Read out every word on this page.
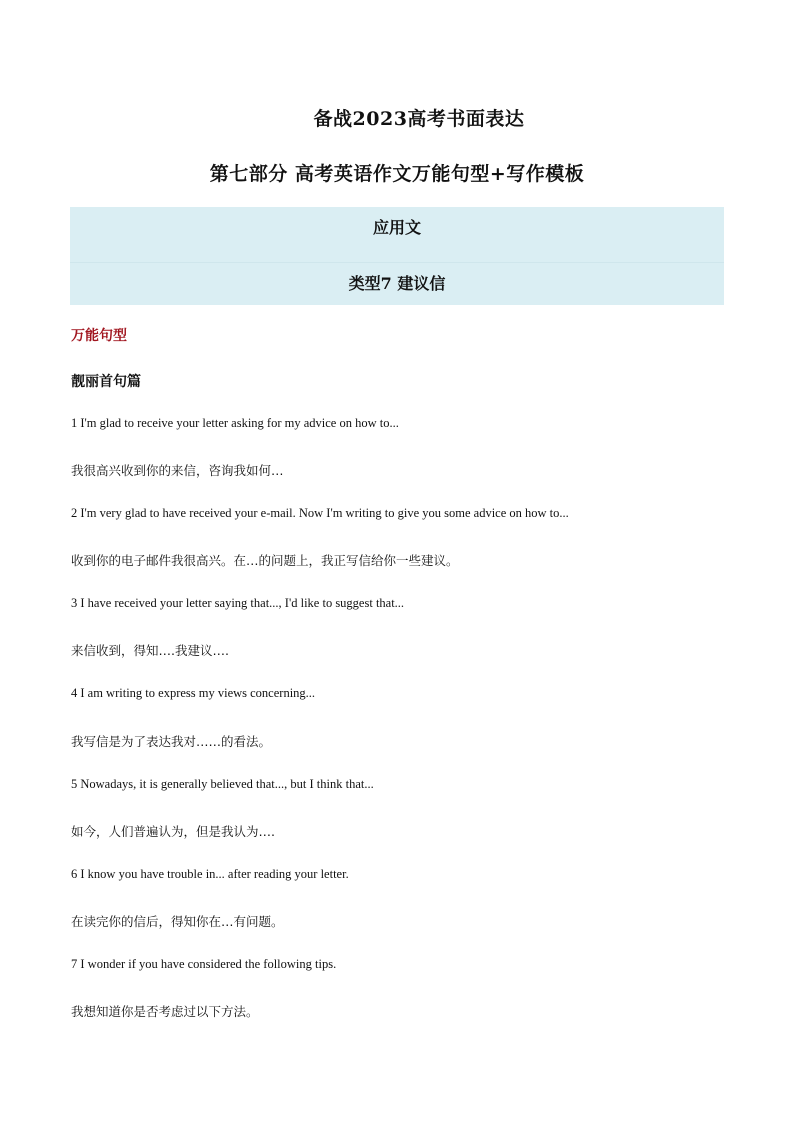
备战2023高考书面表达
第七部分 高考英语作文万能句型+写作模板
应用文
类型7 建议信
万能句型
靓丽首句篇
1 I'm glad to receive your letter asking for my advice on how to...
我很高兴收到你的来信，咨询我如何…
2 I'm very glad to have received your e-mail. Now I'm writing to give you some advice on how to...
收到你的电子邮件我很高兴。在…的问题上，我正写信给你一些建议。
3 I have received your letter saying that..., I'd like to suggest that...
来信收到，得知….我建议….
4 I am writing to express my views concerning...
我写信是为了表达我对……的看法。
5 Nowadays, it is generally believed that..., but I think that...
如今，人们普遍认为，但是我认为….
6 I know you have trouble in... after reading your letter.
在读完你的信后，得知你在…有问题。
7 I wonder if you have considered the following tips.
我想知道你是否考虑过以下方法。
